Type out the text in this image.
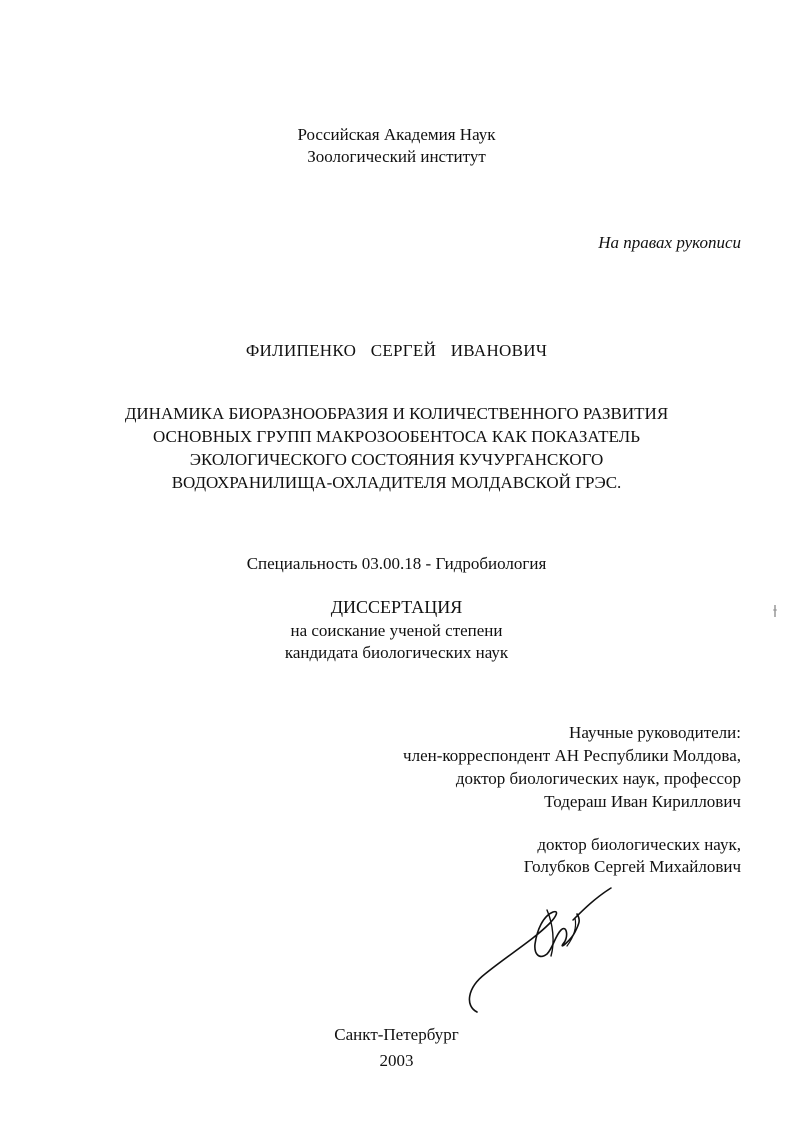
Российская Академия Наук
Зоологический институт
На правах рукописи
ФИЛИПЕНКО СЕРГЕЙ ИВАНОВИЧ
ДИНАМИКА БИОРАЗНООБРАЗИЯ И КОЛИЧЕСТВЕННОГО РАЗВИТИЯ
ОСНОВНЫХ ГРУПП МАКРОЗООБЕНТОСА КАК ПОКАЗАТЕЛЬ
ЭКОЛОГИЧЕСКОГО СОСТОЯНИЯ КУЧУРГАНСКОГО
ВОДОХРАНИЛИЩА-ОХЛАДИТЕЛЯ МОЛДАВСКОЙ ГРЭС.
Специальность 03.00.18 - Гидробиология
ДИССЕРТАЦИЯ
на соискание ученой степени
кандидата биологических наук
Научные руководители:
член-корреспондент АН Республики Молдова,
доктор биологических наук, профессор
Тодераш Иван Кириллович
доктор биологических наук,
Голубков Сергей Михайлович
Санкт-Петербург
2003
